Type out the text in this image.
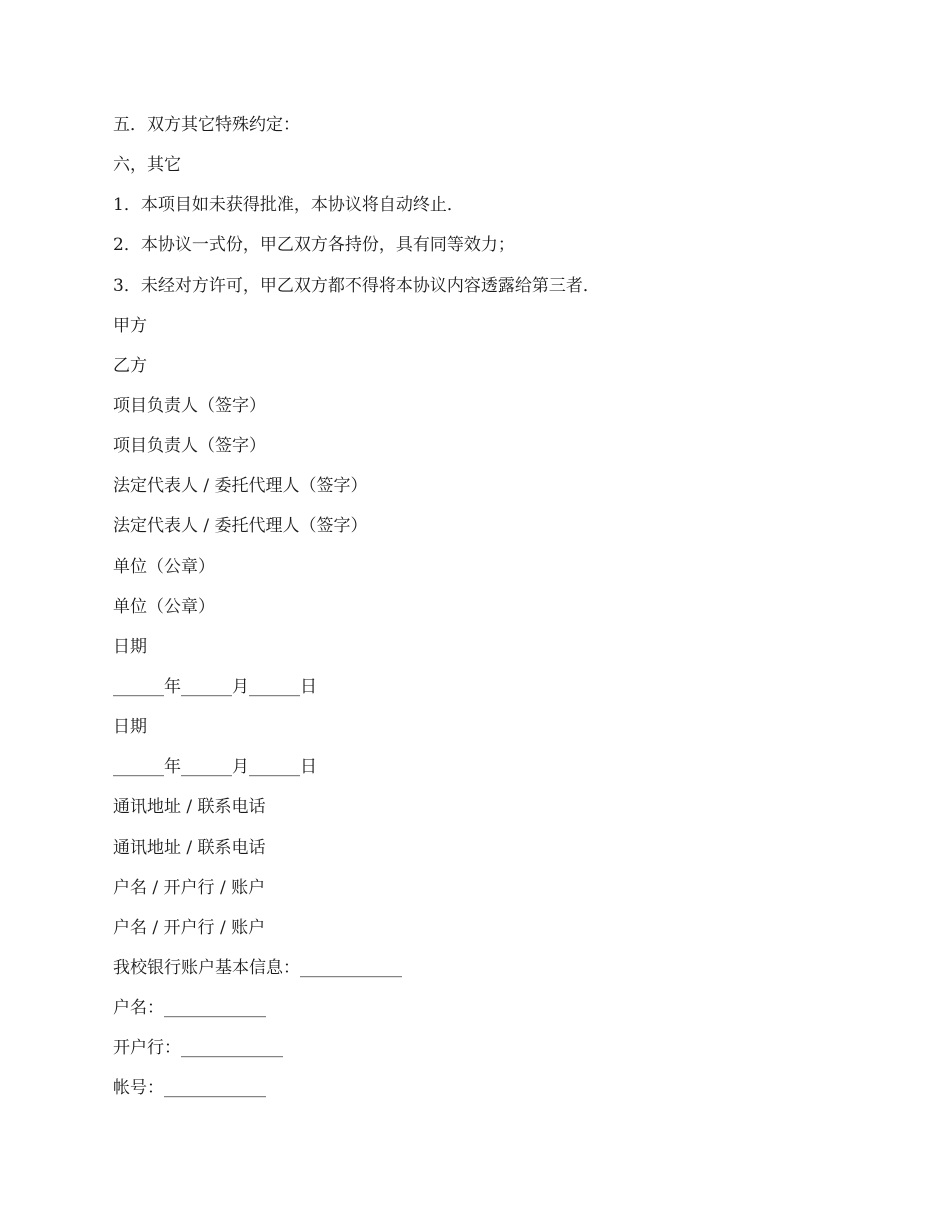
五．双方其它特殊约定：
六，其它
1．本项目如未获得批准，本协议将自动终止．
2．本协议一式份，甲乙双方各持份，具有同等效力；
3．未经对方许可，甲乙双方都不得将本协议内容透露给第三者．
甲方
乙方
项目负责人（签字）
项目负责人（签字）
法定代表人 / 委托代理人（签字）
法定代表人 / 委托代理人（签字）
单位（公章）
单位（公章）
日期
______年______月______日
日期
______年______月______日
通讯地址 / 联系电话
通讯地址 / 联系电话
户名 / 开户行 / 账户
户名 / 开户行 / 账户
我校银行账户基本信息：____________
户名：____________
开户行：____________
帐号：____________
